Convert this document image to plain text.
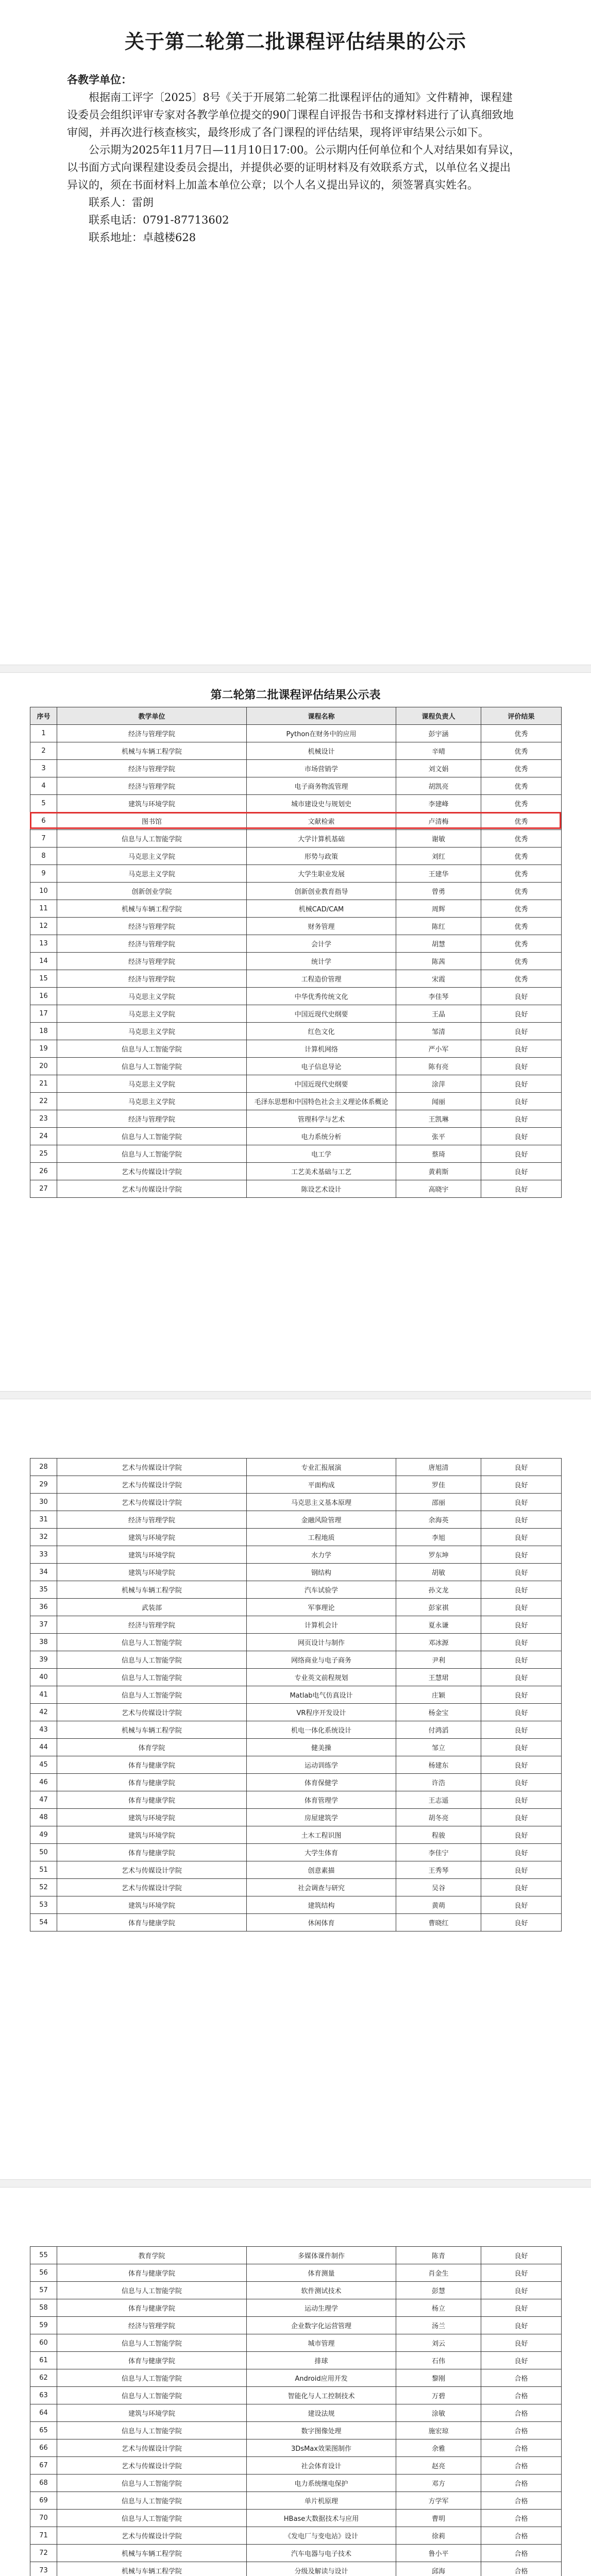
关于第二轮第二批课程评估结果的公示

各教学单位：

根据南工评字〔2025〕8号《关于开展第二轮第二批课程评估的通知》文件精神，课程建设委员会组织评审专家对各教学单位提交的90门课程自评报告书和支撑材料进行了认真细致地审阅，并再次进行核查核实，最终形成了各门课程的评估结果，现将评审结果公示如下。

公示期为2025年11月7日—11月10日17:00。公示期内任何单位和个人对结果如有异议，以书面方式向课程建设委员会提出，并提供必要的证明材料及有效联系方式，以单位名义提出异议的，须在书面材料上加盖本单位公章；以个人名义提出异议的，须签署真实姓名。

联系人：雷朗

联系电话：0791-87713602

联系地址：卓越楼628

第二轮第二批课程评估结果公示表
序号	教学单位	课程名称	课程负责人	评价结果
1	经济与管理学院	Python在财务中的应用	彭宇涵	优秀
2	机械与车辆工程学院	机械设计	辛晴	优秀
3	经济与管理学院	市场营销学	刘文娟	优秀
4	经济与管理学院	电子商务物流管理	胡凯亮	优秀
5	建筑与环境学院	城市建设史与规划史	李建峰	优秀
6	图书馆	文献检索	卢清梅	优秀
7	信息与人工智能学院	大学计算机基础	谢敏	优秀
8	马克思主义学院	形势与政策	刘红	优秀
9	马克思主义学院	大学生职业发展	王建华	优秀
10	创新创业学院	创新创业教育指导	曾勇	优秀
11	机械与车辆工程学院	机械CAD/CAM	周辉	优秀
12	经济与管理学院	财务管理	陈红	优秀
13	经济与管理学院	会计学	胡慧	优秀
14	经济与管理学院	统计学	陈茜	优秀
15	经济与管理学院	工程造价管理	宋霞	优秀
16	马克思主义学院	中华优秀传统文化	李佳琴	良好
17	马克思主义学院	中国近现代史纲要	王晶	良好
18	马克思主义学院	红色文化	邹清	良好
19	信息与人工智能学院	计算机网络	严小军	良好
20	信息与人工智能学院	电子信息导论	陈有亮	良好
21	马克思主义学院	中国近现代史纲要	涂萍	良好
22	马克思主义学院	毛泽东思想和中国特色社会主义理论体系概论	闻丽	良好
23	经济与管理学院	管理科学与艺术	王凯琳	良好
24	信息与人工智能学院	电力系统分析	张平	良好
25	信息与人工智能学院	电工学	蔡琦	良好
26	艺术与传媒设计学院	工艺美术基础与工艺	黄莉斯	良好
27	艺术与传媒设计学院	陈设艺术设计	高晓宇	良好
28	艺术与传媒设计学院	专业汇报展演	唐旭清	良好
29	艺术与传媒设计学院	平面构成	罗佳	良好
30	艺术与传媒设计学院	马克思主义基本原理	邵丽	良好
31	经济与管理学院	金融风险管理	余海英	良好
32	建筑与环境学院	工程地质	李旭	良好
33	建筑与环境学院	水力学	罗东坤	良好
34	建筑与环境学院	钢结构	胡敏	良好
35	机械与车辆工程学院	汽车试验学	孙文龙	良好
36	武装部	军事理论	彭家祺	良好
37	经济与管理学院	计算机会计	夏永谦	良好
38	信息与人工智能学院	网页设计与制作	邓冰源	良好
39	信息与人工智能学院	网络商业与电子商务	尹利	良好
40	信息与人工智能学院	专业英文前程规划	王慧珺	良好
41	信息与人工智能学院	Matlab电气仿真设计	庄颖	良好
42	艺术与传媒设计学院	VR程序开发设计	杨金宝	良好
43	机械与车辆工程学院	机电一体化系统设计	付鸿滔	良好
44	体育学院	健美操	邹立	良好
45	体育与健康学院	运动训练学	杨建东	良好
46	体育与健康学院	体育保健学	许浩	良好
47	体育与健康学院	体育管理学	王志遥	良好
48	建筑与环境学院	房屋建筑学	胡冬亮	良好
49	建筑与环境学院	土木工程识图	程骏	良好
50	体育与健康学院	大学生体育	李佳宁	良好
51	艺术与传媒设计学院	创意素描	王秀琴	良好
52	艺术与传媒设计学院	社会调查与研究	吴谷	良好
53	建筑与环境学院	建筑结构	黄萌	良好
54	体育与健康学院	休闲体育	曹晓红	良好
55	教育学院	多媒体课件制作	陈青	良好
56	体育与健康学院	体育测量	肖金生	良好
57	信息与人工智能学院	软件测试技术	彭慧	良好
58	体育与健康学院	运动生理学	杨立	良好
59	经济与管理学院	企业数字化运营管理	汤兰	良好
60	信息与人工智能学院	城市管理	刘云	良好
61	体育与健康学院	排球	石伟	良好
62	信息与人工智能学院	Android应用开发	黎刚	合格
63	信息与人工智能学院	智能化与人工控制技术	万碧	合格
64	建筑与环境学院	建设法规	涂敏	合格
65	信息与人工智能学院	数字图像处理	施宏琼	合格
66	艺术与传媒设计学院	3DsMax效果图制作	余雅	合格
67	艺术与传媒设计学院	社会体育设计	赵亮	合格
68	信息与人工智能学院	电力系统继电保护	邓方	合格
69	信息与人工智能学院	单片机原理	方学军	合格
70	信息与人工智能学院	HBase大数据技术与应用	曹明	合格
71	艺术与传媒设计学院	《发电厂与变电站》设计	徐莉	合格
72	机械与车辆工程学院	汽车电器与电子技术	鲁小平	合格
73	机械与车辆工程学院	分级及解读与设计	邱海	合格
